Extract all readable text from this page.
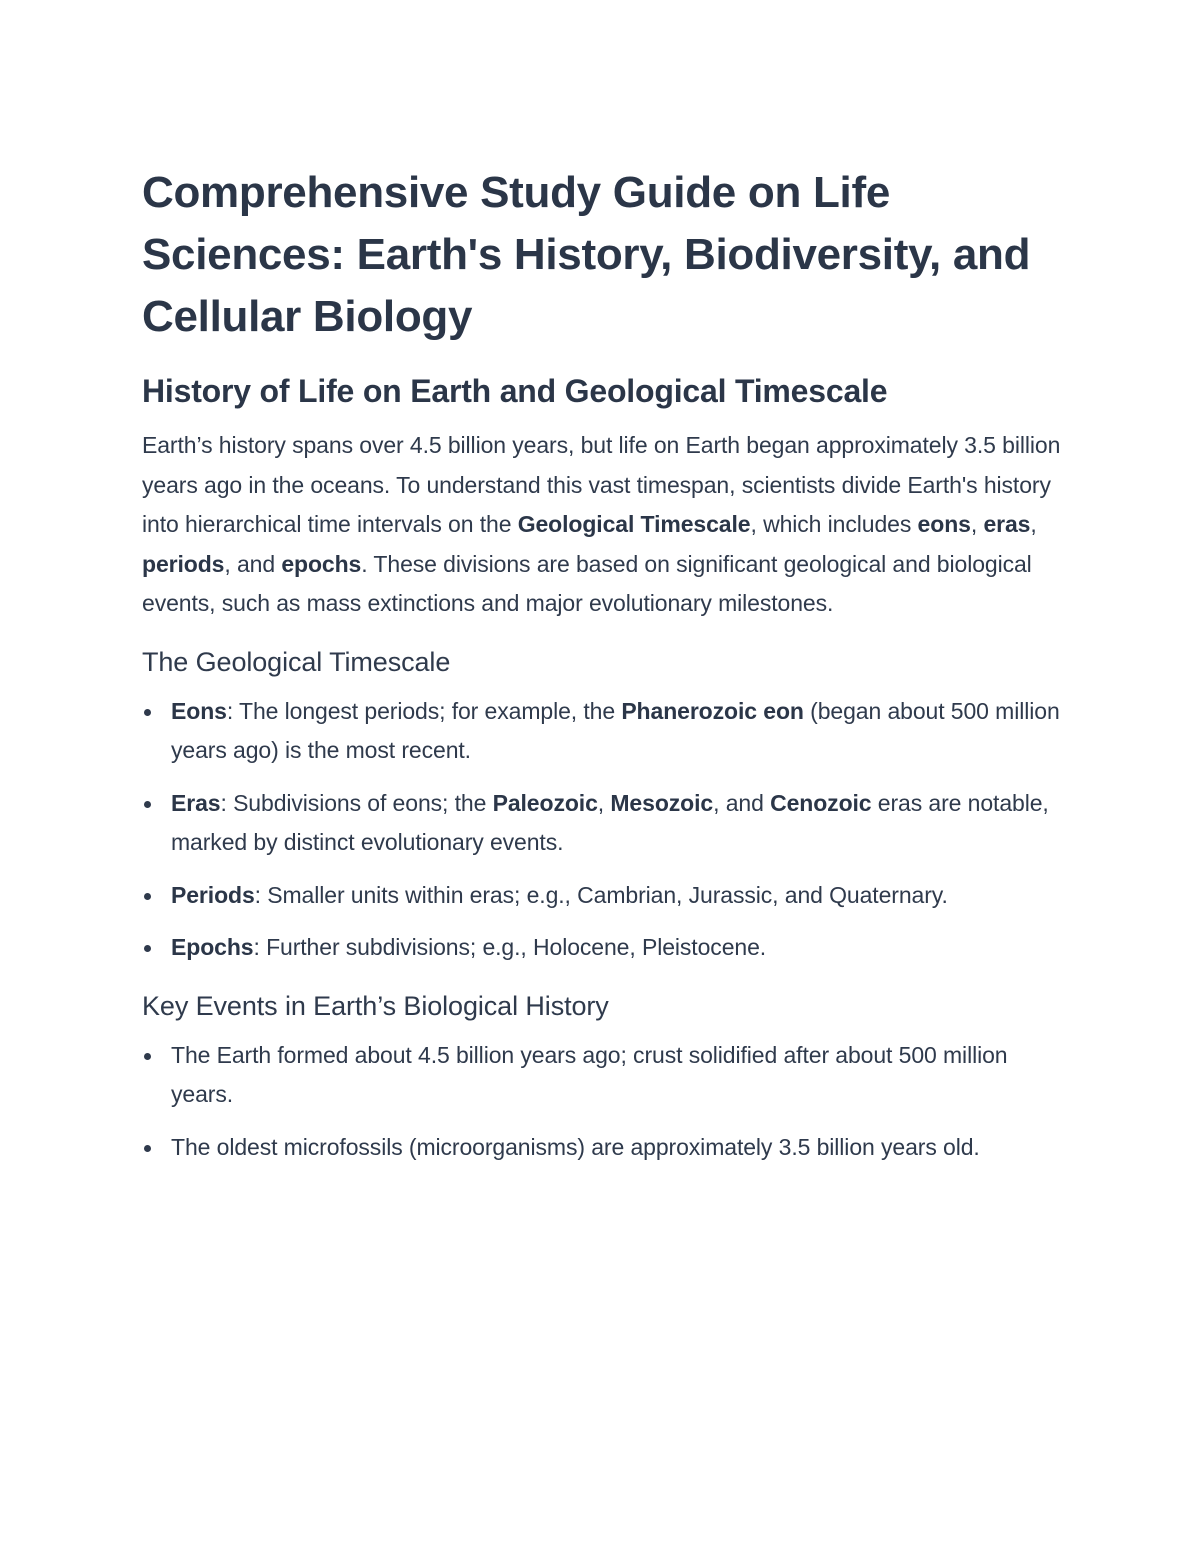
Comprehensive Study Guide on Life Sciences: Earth's History, Biodiversity, and Cellular Biology
History of Life on Earth and Geological Timescale

Earth’s history spans over 4.5 billion years, but life on Earth began approximately 3.5 billion years ago in the oceans. To understand this vast timespan, scientists divide Earth's history into hierarchical time intervals on the Geological Timescale, which includes eons, eras, periods, and epochs. These divisions are based on significant geological and biological events, such as mass extinctions and major evolutionary milestones.

The Geological Timescale
Eons: The longest periods; for example, the Phanerozoic eon (began about 500 million years ago) is the most recent.
Eras: Subdivisions of eons; the Paleozoic, Mesozoic, and Cenozoic eras are notable, marked by distinct evolutionary events.
Periods: Smaller units within eras; e.g., Cambrian, Jurassic, and Quaternary.
Epochs: Further subdivisions; e.g., Holocene, Pleistocene.
Key Events in Earth’s Biological History
The Earth formed about 4.5 billion years ago; crust solidified after about 500 million years.
The oldest microfossils (microorganisms) are approximately 3.5 billion years old.
